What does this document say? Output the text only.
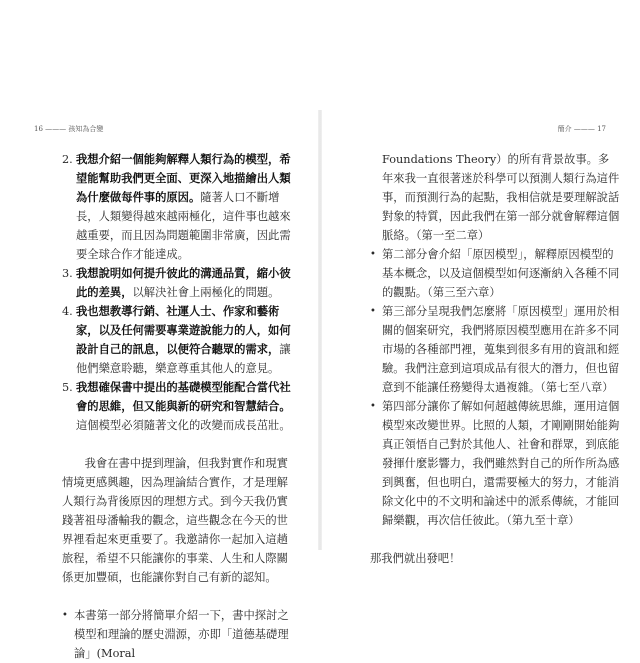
16 ——— 孩知為合變
2. 我想介紹一個能夠解釋人類行為的模型，希望能幫助我們更全面、更深入地描繪出人類為什麼做每件事的原因。隨著人口不斷增長，人類變得越來越兩極化，這件事也越來越重要，而且因為問題範圍非常廣，因此需要全球合作才能達成。
3. 我想說明如何提升彼此的溝通品質，縮小彼此的差異，以解決社會上兩極化的問題。
4. 我也想教導行銷、社運人士、作家和藝術家，以及任何需要專業遊說能力的人，如何設計自己的訊息，以便符合聽眾的需求，讓他們樂意聆聽，樂意尊重其他人的意見。
5. 我想確保書中提出的基礎模型能配合當代社會的思維，但又能與新的研究和智慧結合。這個模型必須隨著文化的改變而成長茁壯。

我會在書中提到理論，但我對實作和現實情境更感興趣，因為理論結合實作，才是理解人類行為背後原因的理想方式。到今天我仍實踐著祖母潘輸我的觀念，這些觀念在今天的世界裡看起來更重要了。我邀請你一起加入這趟旅程，希望不只能讓你的事業、人生和人際關係更加豐碩，也能讓你對自己有新的認知。

• 本書第一部分將簡單介紹一下，書中探討之模型和理論的歷史淵源，亦即「道德基礎理論」(Moral
簡介 ——— 17
Foundations Theory）的所有背景故事。多年來我一直很著迷於科學可以預測人類行為這件事，而預測行為的起點，我相信就是要理解說話對象的特質，因此我們在第一部分就會解釋這個脈絡。（第一至二章）
• 第二部分會介紹「原因模型」，解釋原因模型的基本概念，以及這個模型如何逐漸納入各種不同的觀點。（第三至六章）
• 第三部分呈現我們怎麼將「原因模型」運用於相關的個案研究，我們將原因模型應用在許多不同市場的各種部門裡，蒐集到很多有用的資訊和經驗。我們注意到這項成品有很大的潛力，但也留意到不能讓任務變得太過複雜。（第七至八章）
• 第四部分讓你了解如何超越傳統思維，運用這個模型來改變世界。比照的人類，才剛剛開始能夠真正領悟自己對於其他人、社會和群眾，到底能發揮什麼影響力，我們雖然對自己的所作所為感到興奮，但也明白，還需要極大的努力，才能消除文化中的不文明和論述中的派系傳統，才能回歸樂觀，再次信任彼此。（第九至十章）

那我們就出發吧！
